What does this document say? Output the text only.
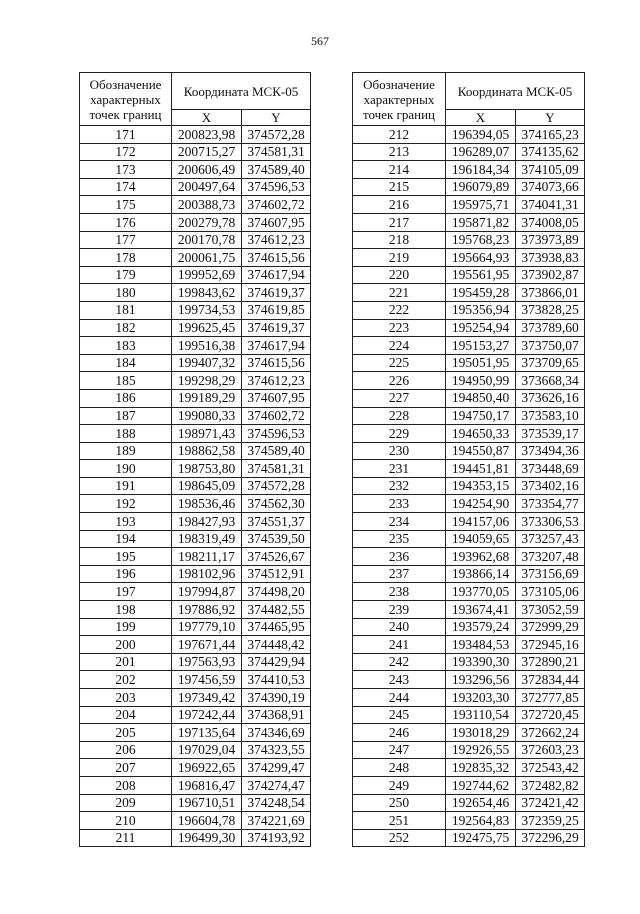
567
Обозначение характерных точек границ	Координата МСК-05	
	X	Y
171	200823,98	374572,28
172	200715,27	374581,31
173	200606,49	374589,40
174	200497,64	374596,53
175	200388,73	374602,72
176	200279,78	374607,95
177	200170,78	374612,23
178	200061,75	374615,56
179	199952,69	374617,94
180	199843,62	374619,37
181	199734,53	374619,85
182	199625,45	374619,37
183	199516,38	374617,94
184	199407,32	374615,56
185	199298,29	374612,23
186	199189,29	374607,95
187	199080,33	374602,72
188	198971,43	374596,53
189	198862,58	374589,40
190	198753,80	374581,31
191	198645,09	374572,28
192	198536,46	374562,30
193	198427,93	374551,37
194	198319,49	374539,50
195	198211,17	374526,67
196	198102,96	374512,91
197	197994,87	374498,20
198	197886,92	374482,55
199	197779,10	374465,95
200	197671,44	374448,42
201	197563,93	374429,94
202	197456,59	374410,53
203	197349,42	374390,19
204	197242,44	374368,91
205	197135,64	374346,69
206	197029,04	374323,55
207	196922,65	374299,47
208	196816,47	374274,47
209	196710,51	374248,54
210	196604,78	374221,69
211	196499,30	374193,92
Обозначение характерных точек границ	Координата МСК-05	
	X	Y
212	196394,05	374165,23
213	196289,07	374135,62
214	196184,34	374105,09
215	196079,89	374073,66
216	195975,71	374041,31
217	195871,82	374008,05
218	195768,23	373973,89
219	195664,93	373938,83
220	195561,95	373902,87
221	195459,28	373866,01
222	195356,94	373828,25
223	195254,94	373789,60
224	195153,27	373750,07
225	195051,95	373709,65
226	194950,99	373668,34
227	194850,40	373626,16
228	194750,17	373583,10
229	194650,33	373539,17
230	194550,87	373494,36
231	194451,81	373448,69
232	194353,15	373402,16
233	194254,90	373354,77
234	194157,06	373306,53
235	194059,65	373257,43
236	193962,68	373207,48
237	193866,14	373156,69
238	193770,05	373105,06
239	193674,41	373052,59
240	193579,24	372999,29
241	193484,53	372945,16
242	193390,30	372890,21
243	193296,56	372834,44
244	193203,30	372777,85
245	193110,54	372720,45
246	193018,29	372662,24
247	192926,55	372603,23
248	192835,32	372543,42
249	192744,62	372482,82
250	192654,46	372421,42
251	192564,83	372359,25
252	192475,75	372296,29
